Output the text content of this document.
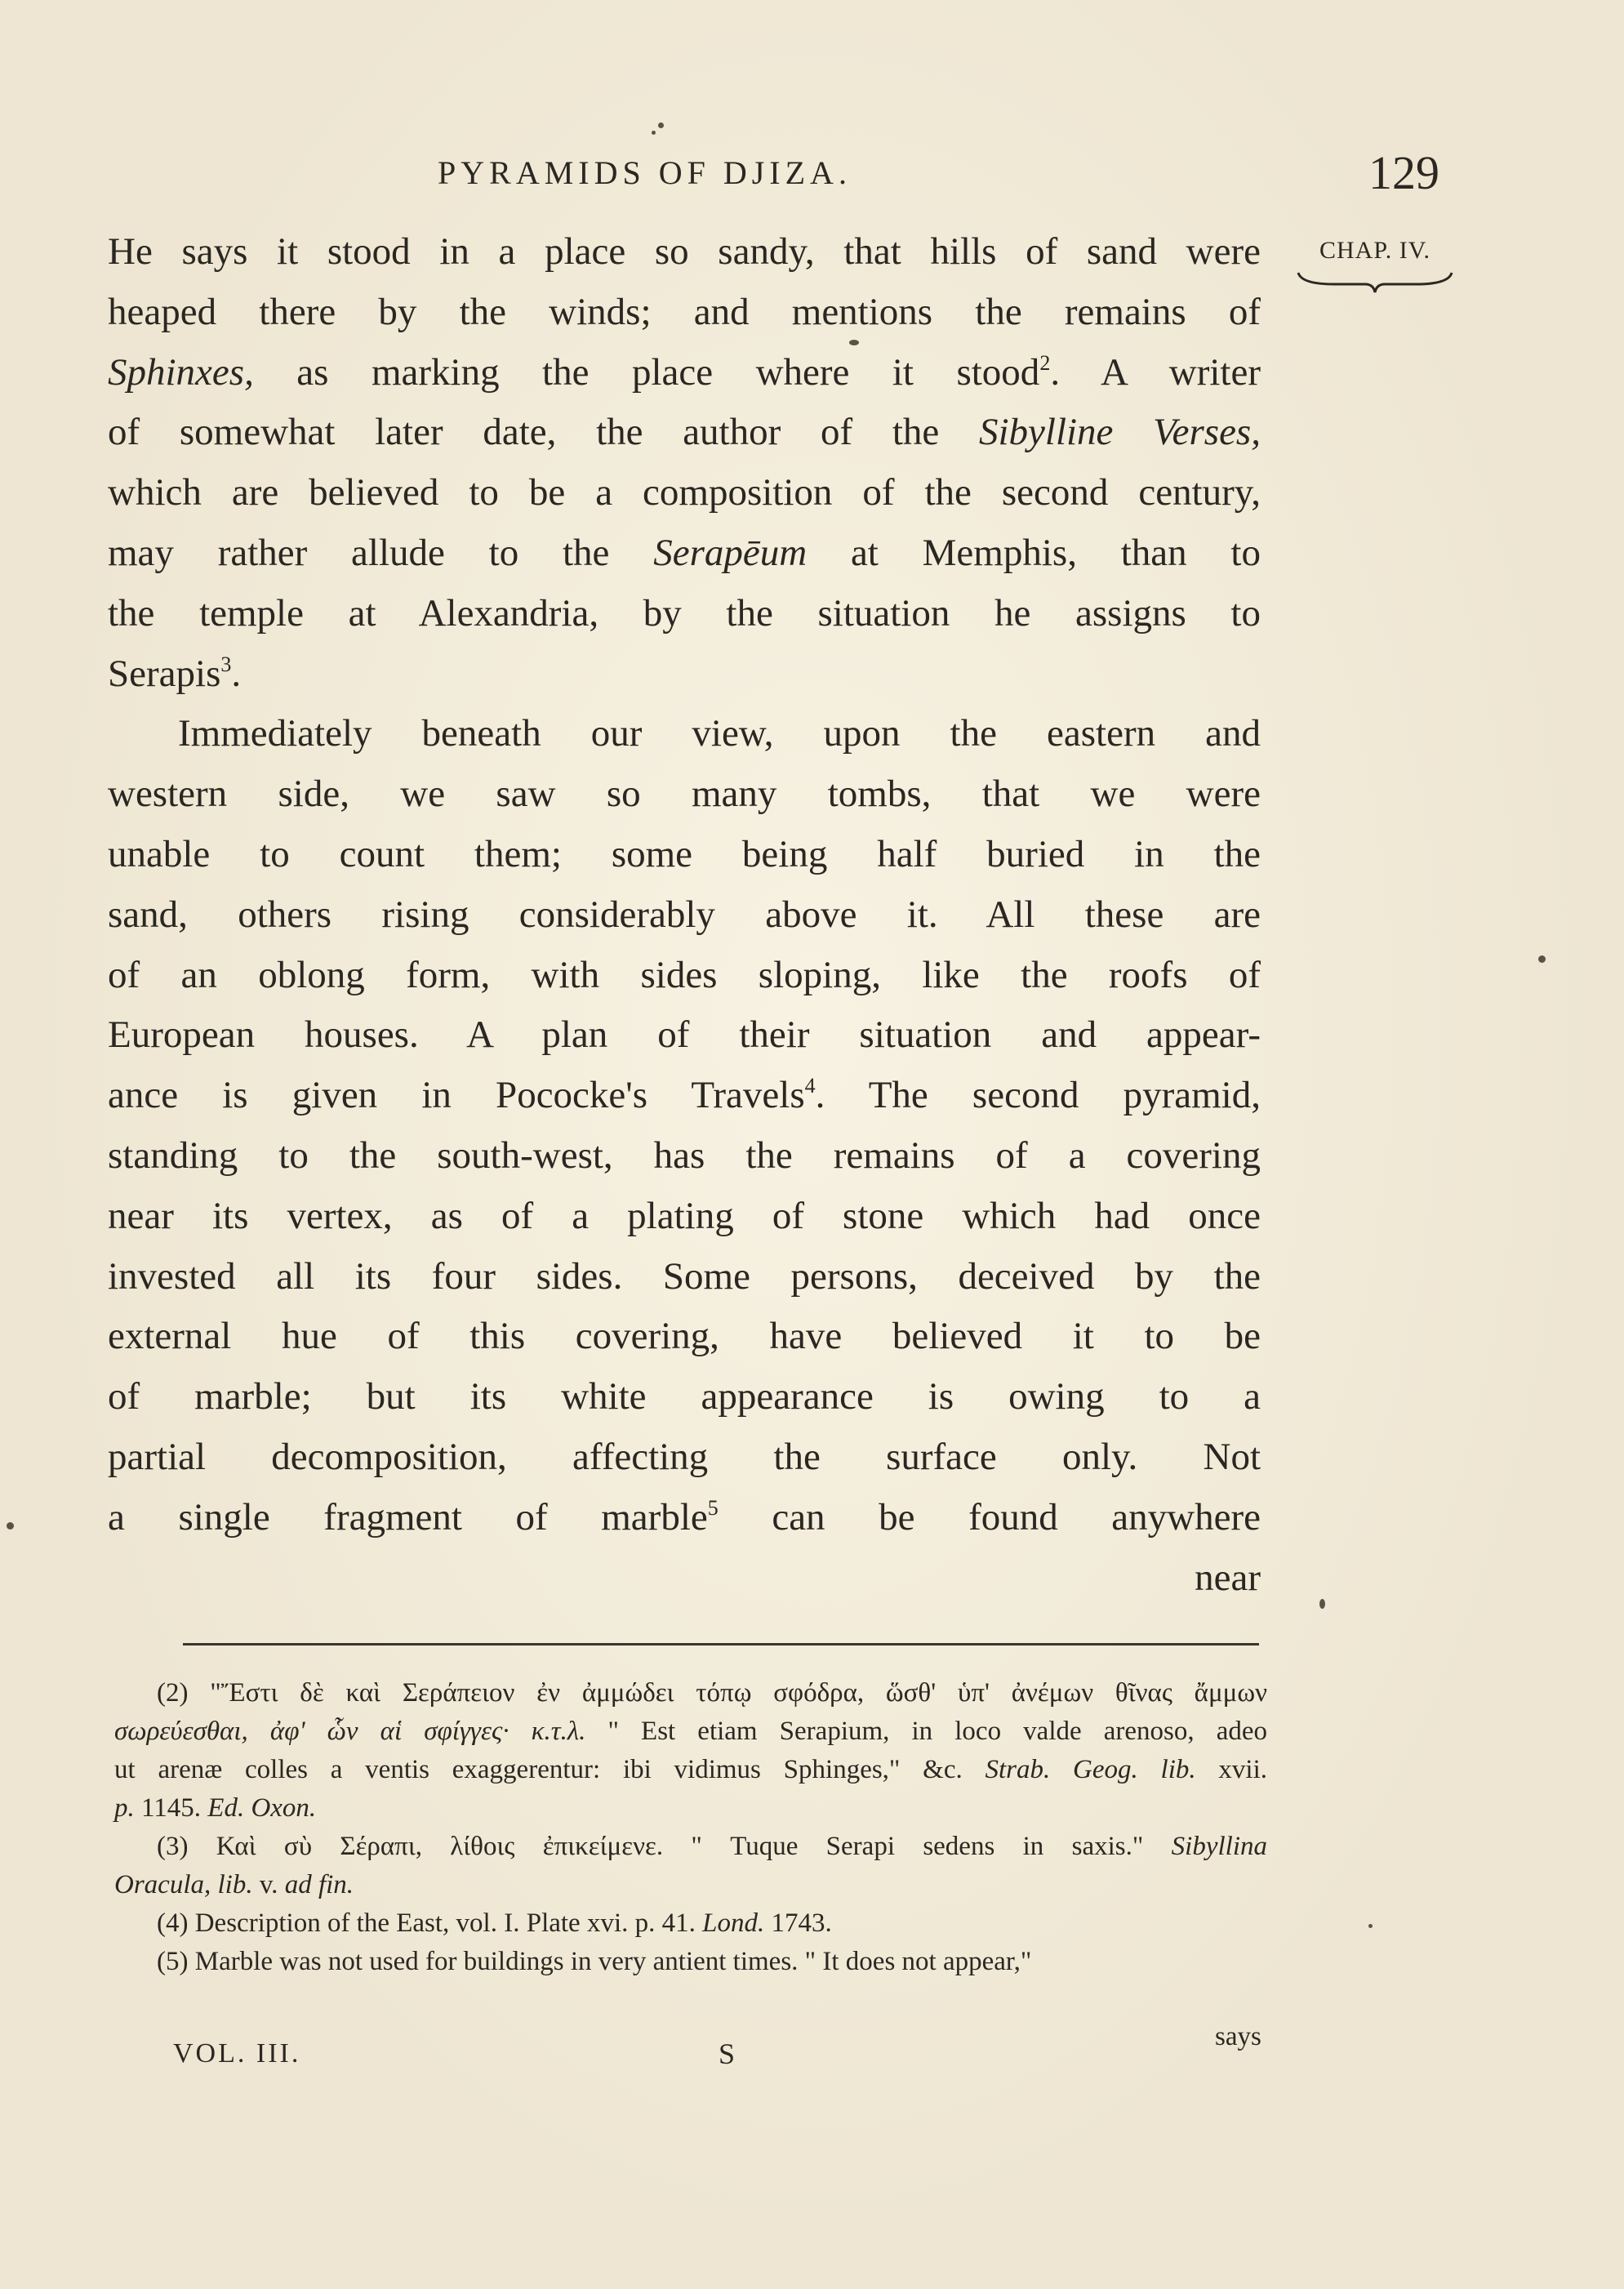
PYRAMIDS OF DJIZA.	129
CHAP. IV.
He says it stood in a place so sandy, that hills of sand were
heaped there by the winds; and mentions the remains of
Sphinxes, as marking the place where it stood$^2$. A writer
of somewhat later date, the author of the Sibylline Verses,
which are believed to be a composition of the second century,
may rather allude to the Serapēum at Memphis, than to
the temple at Alexandria, by the situation he assigns to
Serapis$^3$.
Immediately beneath our view, upon the eastern and
western side, we saw so many tombs, that we were
unable to count them; some being half buried in the
sand, others rising considerably above it. All these are
of an oblong form, with sides sloping, like the roofs of
European houses. A plan of their situation and appear-
ance is given in Pococke's Travels$^4$. The second pyramid,
standing to the south-west, has the remains of a covering
near its vertex, as of a plating of stone which had once
invested all its four sides. Some persons, deceived by the
external hue of this covering, have believed it to be
of marble; but its white appearance is owing to a
partial decomposition, affecting the surface only. Not
a single fragment of marble$^5$ can be found anywhere
near
(2) "Ἔστι δὲ καὶ Σεράπειον ἐν ἀμμώδει τόπῳ σφόδρα, ὥσθ' ὑπ' ἀνέμων θῖνας ἄμμων
σωρεύεσθαι, ἀφ' ὧν αἱ σφίγγες· κ.τ.λ. " Est etiam Serapium, in loco valde arenoso, adeo
ut arenæ colles a ventis exaggerentur: ibi vidimus Sphinges," &c. Strab. Geog. lib. xvii.
p. 1145. Ed. Oxon.
(3) Καὶ σὺ Σέραπι, λίθοις ἐπικείμενε. " Tuque Serapi sedens in saxis." Sibyllina
Oracula, lib. v. ad fin.
(4) Description of the East, vol. I. Plate xvi. p. 41. Lond. 1743.
(5) Marble was not used for buildings in very antient times. " It does not appear,"
VOL. III.	S
says
